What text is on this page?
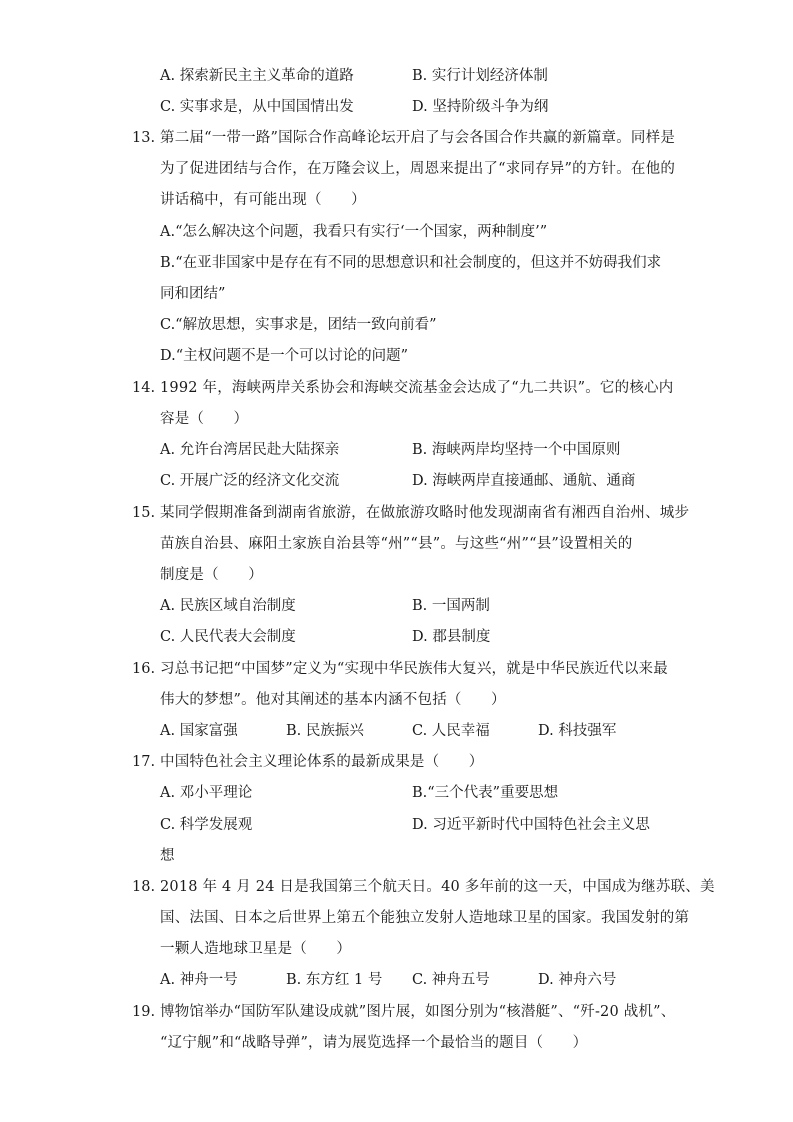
A. 探索新民主主义革命的道路	B. 实行计划经济体制
C. 实事求是，从中国国情出发	D. 坚持阶级斗争为纲
13. 第二届“一带一路”国际合作高峰论坛开启了与会各国合作共赢的新篇章。同样是
为了促进团结与合作，在万隆会议上，周恩来提出了“求同存异”的方针。在他的
讲话稿中，有可能出现（　　）
A.“怎么解决这个问题，我看只有实行‘一个国家，两种制度’”
B.“在亚非国家中是存在有不同的思想意识和社会制度的，但这并不妨碍我们求
同和团结”
C.“解放思想，实事求是，团结一致向前看”
D.“主权问题不是一个可以讨论的问题”
14. 1992 年，海峡两岸关系协会和海峡交流基金会达成了“九二共识”。它的核心内
容是（　　）
A. 允许台湾居民赴大陆探亲	B. 海峡两岸均坚持一个中国原则
C. 开展广泛的经济文化交流	D. 海峡两岸直接通邮、通航、通商
15. 某同学假期准备到湖南省旅游，在做旅游攻略时他发现湖南省有湘西自治州、城步
苗族自治县、麻阳土家族自治县等“州”“县”。与这些“州”“县”设置相关的
制度是（　　）
A. 民族区域自治制度	B. 一国两制
C. 人民代表大会制度	D. 郡县制度
16. 习总书记把“中国梦”定义为“实现中华民族伟大复兴，就是中华民族近代以来最
伟大的梦想”。他对其阐述的基本内涵不包括（　　）
A. 国家富强	B. 民族振兴	C. 人民幸福	D. 科技强军
17. 中国特色社会主义理论体系的最新成果是（　　）
A. 邓小平理论	B.“三个代表”重要思想
C. 科学发展观	D. 习近平新时代中国特色社会主义思
想
18. 2018 年 4 月 24 日是我国第三个航天日。40 多年前的这一天，中国成为继苏联、美
国、法国、日本之后世界上第五个能独立发射人造地球卫星的国家。我国发射的第
一颗人造地球卫星是（　　）
A. 神舟一号	B. 东方红 1 号 C. 神舟五号	D. 神舟六号
19. 博物馆举办“国防军队建设成就”图片展，如图分别为“核潜艇”、“歼-20 战机”、
“辽宁舰”和“战略导弹”，请为展览选择一个最恰当的题目（　　）
